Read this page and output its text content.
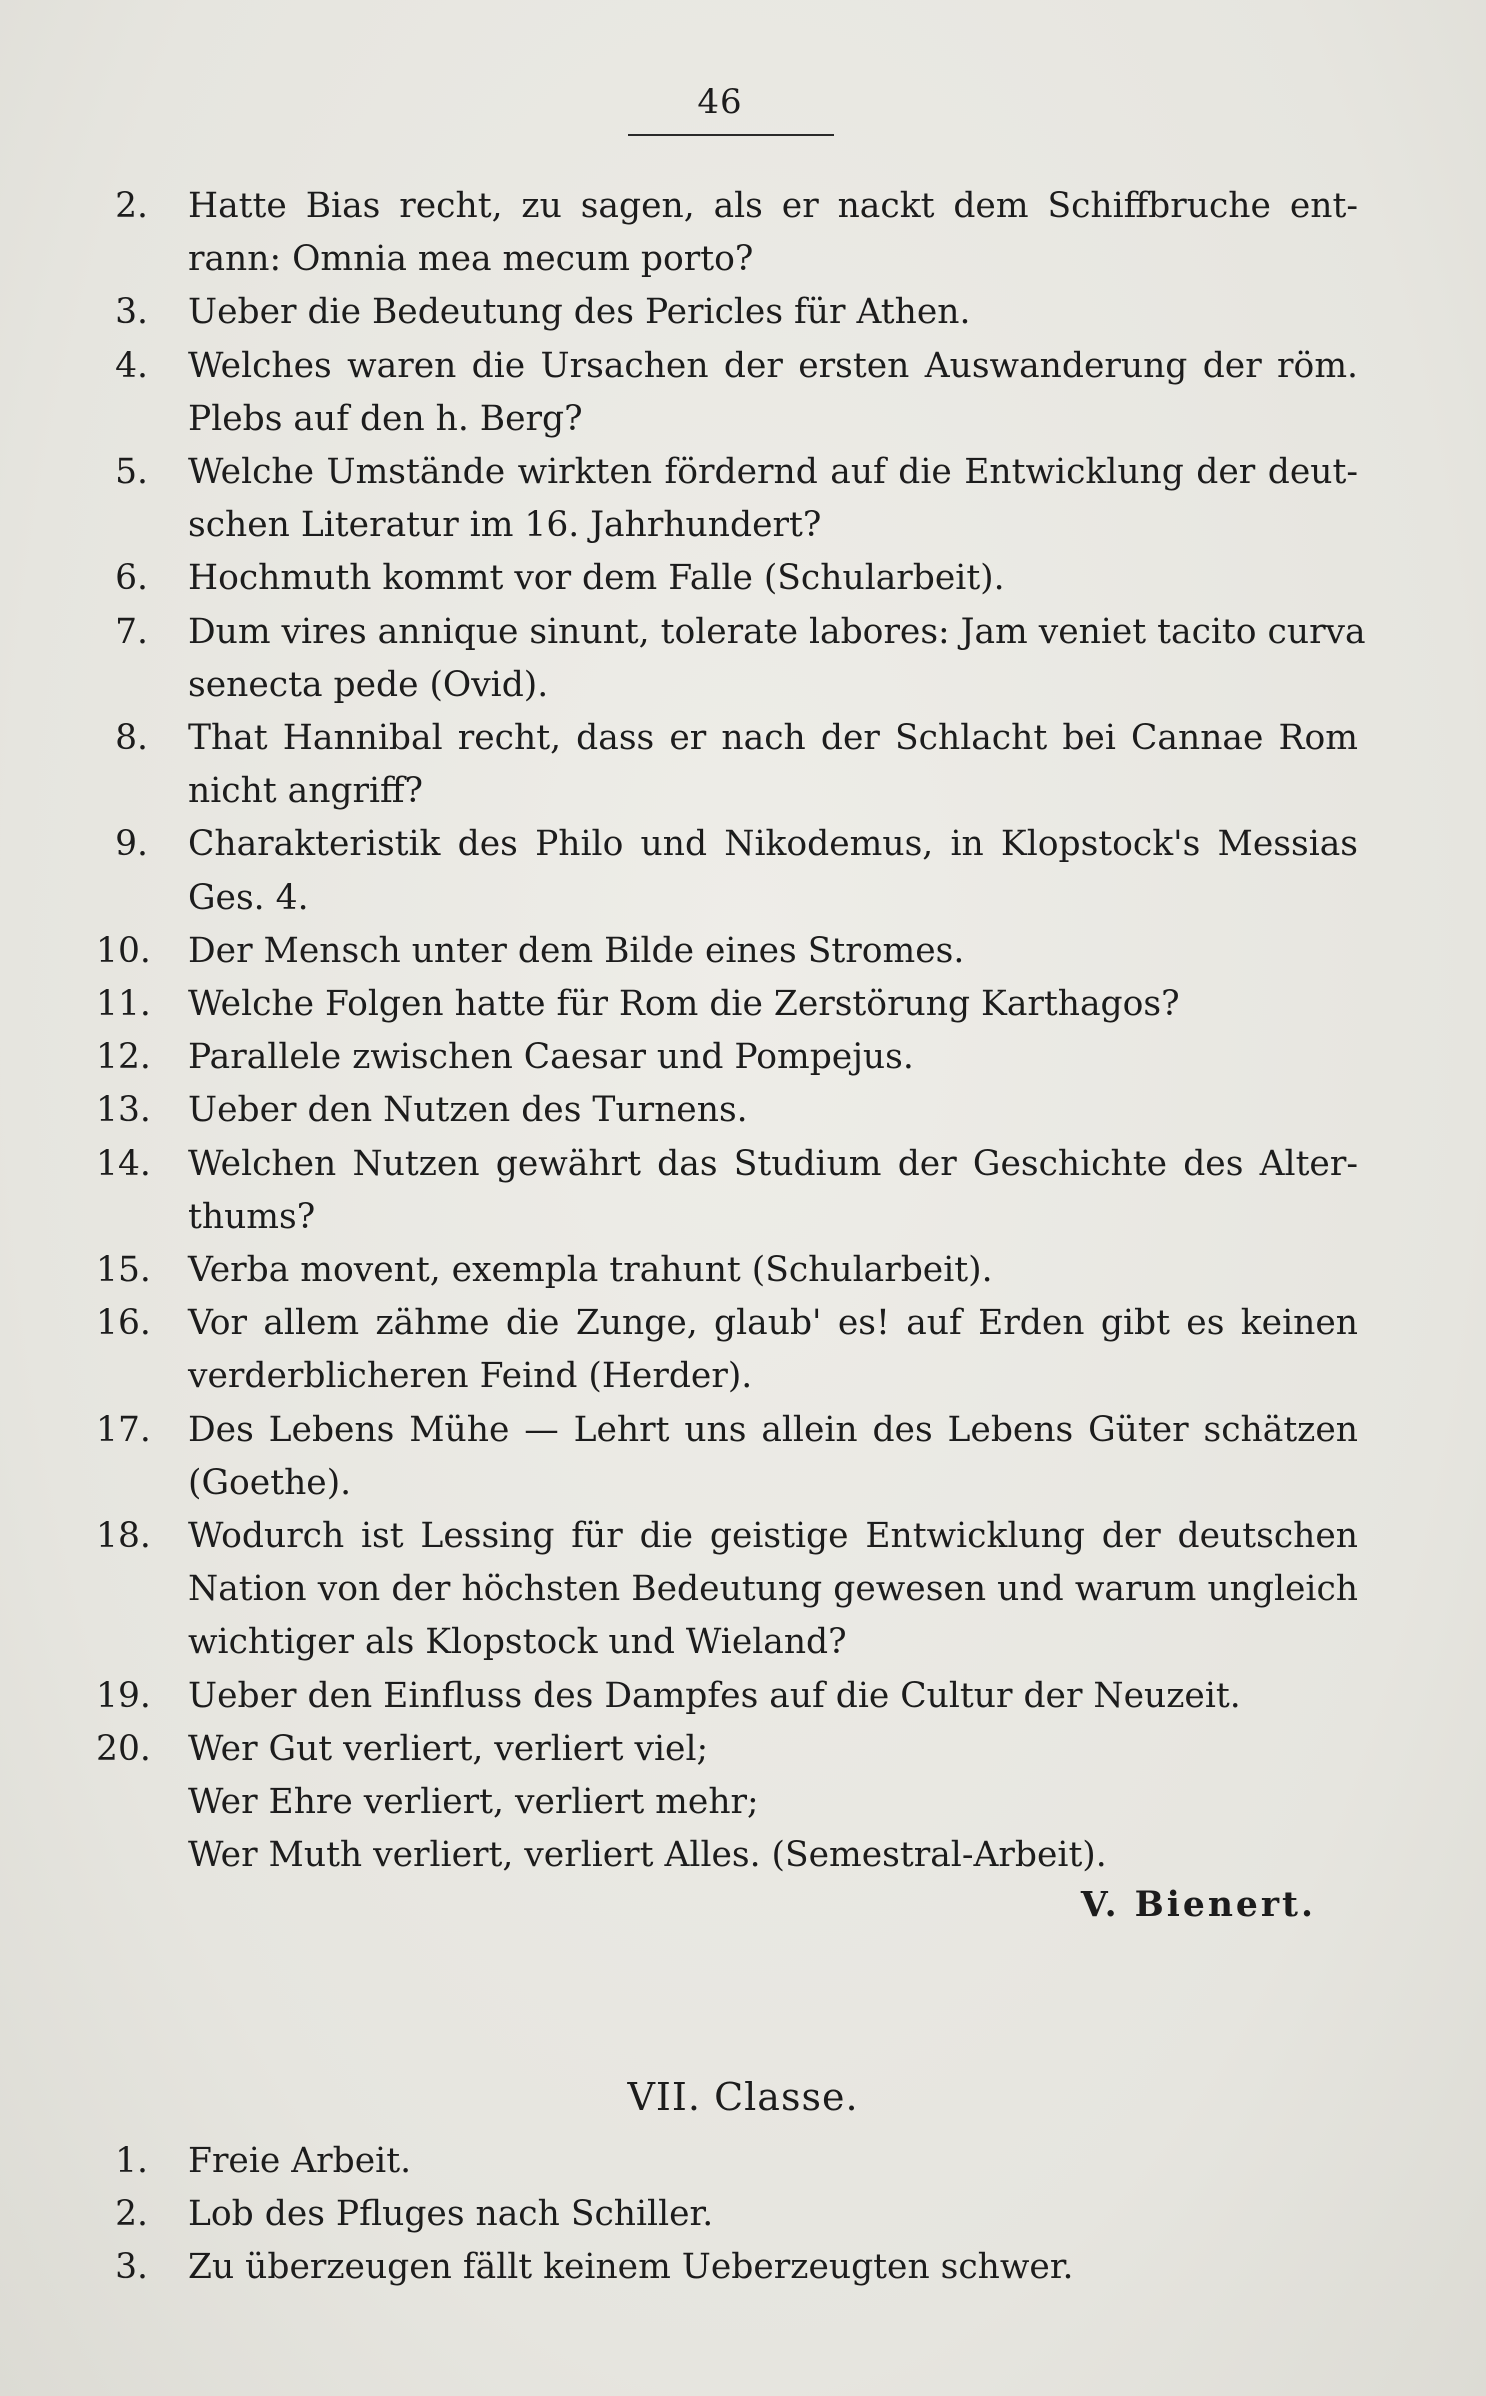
46
2. Hatte Bias recht, zu sagen, als er nackt dem Schiffbruche ent-
rann: Omnia mea mecum porto?
3. Ueber die Bedeutung des Pericles für Athen.
4. Welches waren die Ursachen der ersten Auswanderung der röm.
Plebs auf den h. Berg?
5. Welche Umstände wirkten fördernd auf die Entwicklung der deut-
schen Literatur im 16. Jahrhundert?
6. Hochmuth kommt vor dem Falle (Schularbeit).
7. Dum vires annique sinunt, tolerate labores: Jam veniet tacito curva
senecta pede (Ovid).
8. That Hannibal recht, dass er nach der Schlacht bei Cannae Rom
nicht angriff?
9. Charakteristik des Philo und Nikodemus, in Klopstock's Messias
Ges. 4.
10. Der Mensch unter dem Bilde eines Stromes.
11. Welche Folgen hatte für Rom die Zerstörung Karthagos?
12. Parallele zwischen Caesar und Pompejus.
13. Ueber den Nutzen des Turnens.
14. Welchen Nutzen gewährt das Studium der Geschichte des Alter-
thums?
15. Verba movent, exempla trahunt (Schularbeit).
16. Vor allem zähme die Zunge, glaub' es! auf Erden gibt es keinen
verderblicheren Feind (Herder).
17. Des Lebens Mühe — Lehrt uns allein des Lebens Güter schätzen
(Goethe).
18. Wodurch ist Lessing für die geistige Entwicklung der deutschen
Nation von der höchsten Bedeutung gewesen und warum ungleich
wichtiger als Klopstock und Wieland?
19. Ueber den Einfluss des Dampfes auf die Cultur der Neuzeit.
20. Wer Gut verliert, verliert viel;
Wer Ehre verliert, verliert mehr;
Wer Muth verliert, verliert Alles. (Semestral-Arbeit).
V. Bienert.
VII. Classe.
1. Freie Arbeit.
2. Lob des Pfluges nach Schiller.
3. Zu überzeugen fällt keinem Ueberzeugten schwer.
